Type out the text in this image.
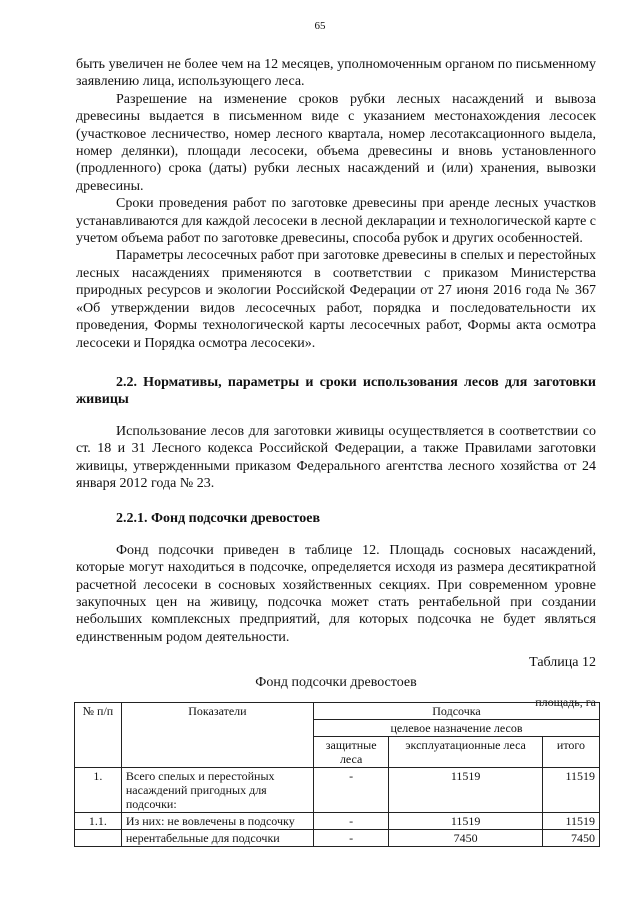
65

быть увеличен не более чем на 12 месяцев, уполномоченным органом по письменному заявлению лица, использующего леса.

Разрешение на изменение сроков рубки лесных насаждений и вывоза древесины выдается в письменном виде с указанием местонахождения лесосек (участковое лесничество, номер лесного квартала, номер лесотаксационного выдела, номер делянки), площади лесосеки, объема древесины и вновь установленного (продленного) срока (даты) рубки лесных насаждений и (или) хранения, вывозки древесины.

Сроки проведения работ по заготовке древесины при аренде лесных участков устанавливаются для каждой лесосеки в лесной декларации и технологической карте с учетом объема работ по заготовке древесины, способа рубок и других особенностей.

Параметры лесосечных работ при заготовке древесины в спелых и перестойных лесных насаждениях применяются в соответствии с приказом Министерства природных ресурсов и экологии Российской Федерации от 27 июня 2016 года № 367 «Об утверждении видов лесосечных работ, порядка и последовательности их проведения, Формы технологической карты лесосечных работ, Формы акта осмотра лесосеки и Порядка осмотра лесосеки».

2.2. Нормативы, параметры и сроки использования лесов для заготовки живицы

Использование лесов для заготовки живицы осуществляется в соответствии со ст. 18 и 31 Лесного кодекса Российской Федерации, а также Правилами заготовки живицы, утвержденными приказом Федерального агентства лесного хозяйства от 24 января 2012 года № 23.

2.2.1. Фонд подсочки древостоев

Фонд подсочки приведен в таблице 12. Площадь сосновых насаждений, которые могут находиться в подсочке, определяется исходя из размера десятикратной расчетной лесосеки в сосновых хозяйственных секциях. При современном уровне закупочных цен на живицу, подсочка может стать рентабельной при создании небольших комплексных предприятий, для которых подсочка не будет являться единственным родом деятельности.

Таблица 12

Фонд подсочки древостоев

площадь, га

№ п/п	Показатели	Подсочка		
		целевое назначение лесов		
		защитные леса	эксплуатационные леса	итого
1.	Всего спелых и перестойных насаждений пригодных для подсочки:	-	11519	11519
1.1.	Из них: не вовлечены в подсочку	-	11519	11519
	нерентабельные для подсочки	-	7450	7450
